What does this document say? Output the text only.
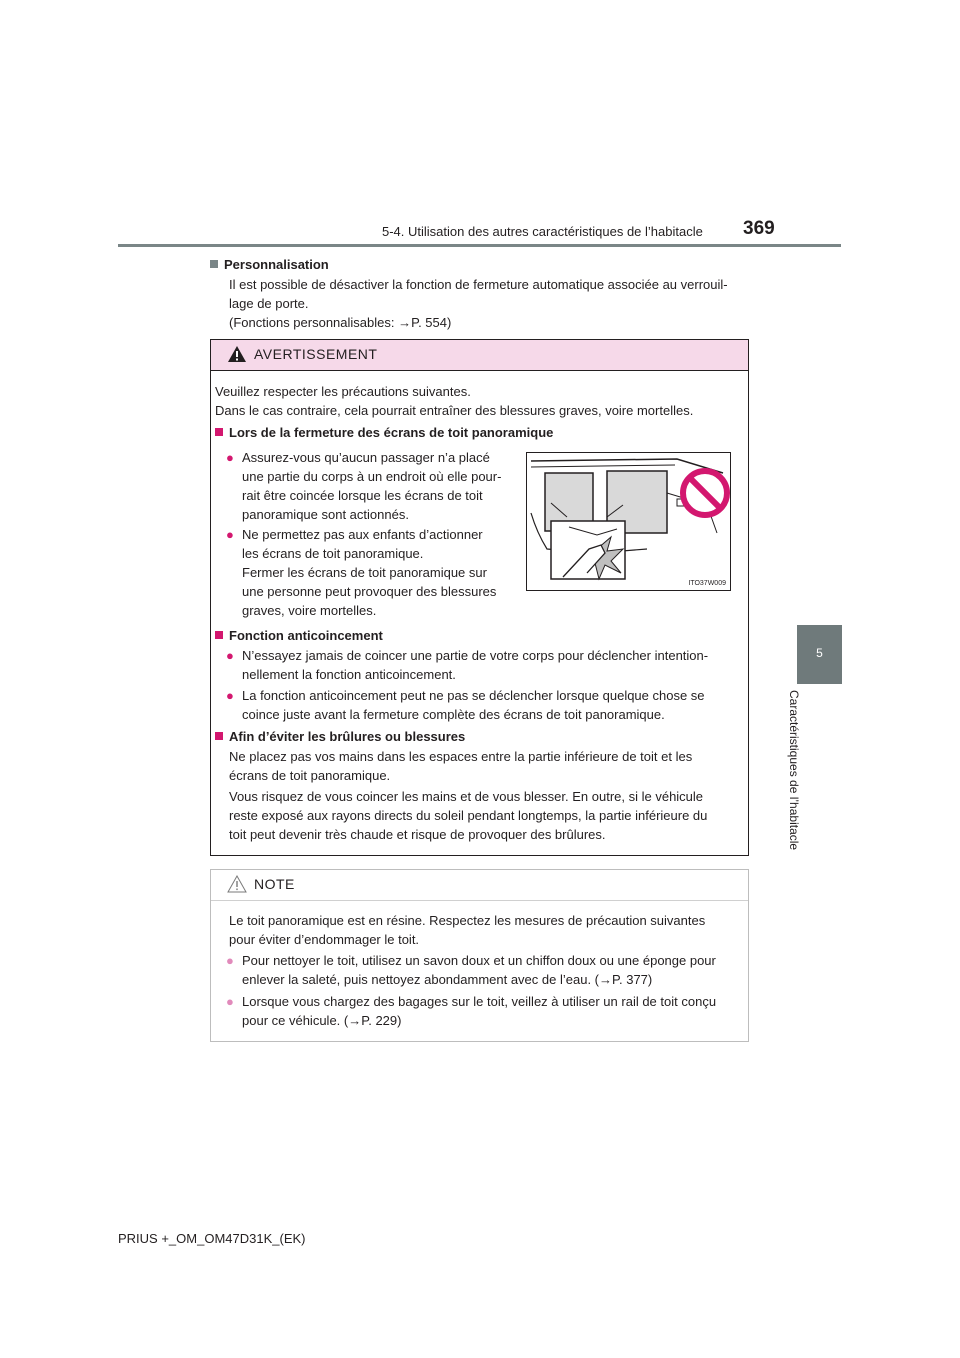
5-4. Utilisation des autres caractéristiques de l’habitacle 369
5
Caractéristiques de l’habitacle
Personnalisation
Il est possible de désactiver la fonction de fermeture automatique associée au verrouil-
lage de porte.
(Fonctions personnalisables: →P. 554)
AVERTISSEMENT
Veuillez respecter les précautions suivantes.
Dans le cas contraire, cela pourrait entraîner des blessures graves, voire mortelles.
Lors de la fermeture des écrans de toit panoramique
● Assurez-vous qu’aucun passager n’a placé
une partie du corps à un endroit où elle pour-
rait être coincée lorsque les écrans de toit
panoramique sont actionnés.
● Ne permettez pas aux enfants d’actionner
les écrans de toit panoramique.
Fermer les écrans de toit panoramique sur
une personne peut provoquer des blessures
graves, voire mortelles.
ITO37W009
Fonction anticoincement
● N’essayez jamais de coincer une partie de votre corps pour déclencher intention-
nellement la fonction anticoincement.
● La fonction anticoincement peut ne pas se déclencher lorsque quelque chose se
coince juste avant la fermeture complète des écrans de toit panoramique.
Afin d’éviter les brûlures ou blessures
Ne placez pas vos mains dans les espaces entre la partie inférieure de toit et les
écrans de toit panoramique.
Vous risquez de vous coincer les mains et de vous blesser. En outre, si le véhicule
reste exposé aux rayons directs du soleil pendant longtemps, la partie inférieure du
toit peut devenir très chaude et risque de provoquer des brûlures.
NOTE
Le toit panoramique est en résine. Respectez les mesures de précaution suivantes
pour éviter d’endommager le toit.
● Pour nettoyer le toit, utilisez un savon doux et un chiffon doux ou une éponge pour
enlever la saleté, puis nettoyez abondamment avec de l’eau. (→P. 377)
● Lorsque vous chargez des bagages sur le toit, veillez à utiliser un rail de toit conçu
pour ce véhicule. (→P. 229)
PRIUS +_OM_OM47D31K_(EK)
